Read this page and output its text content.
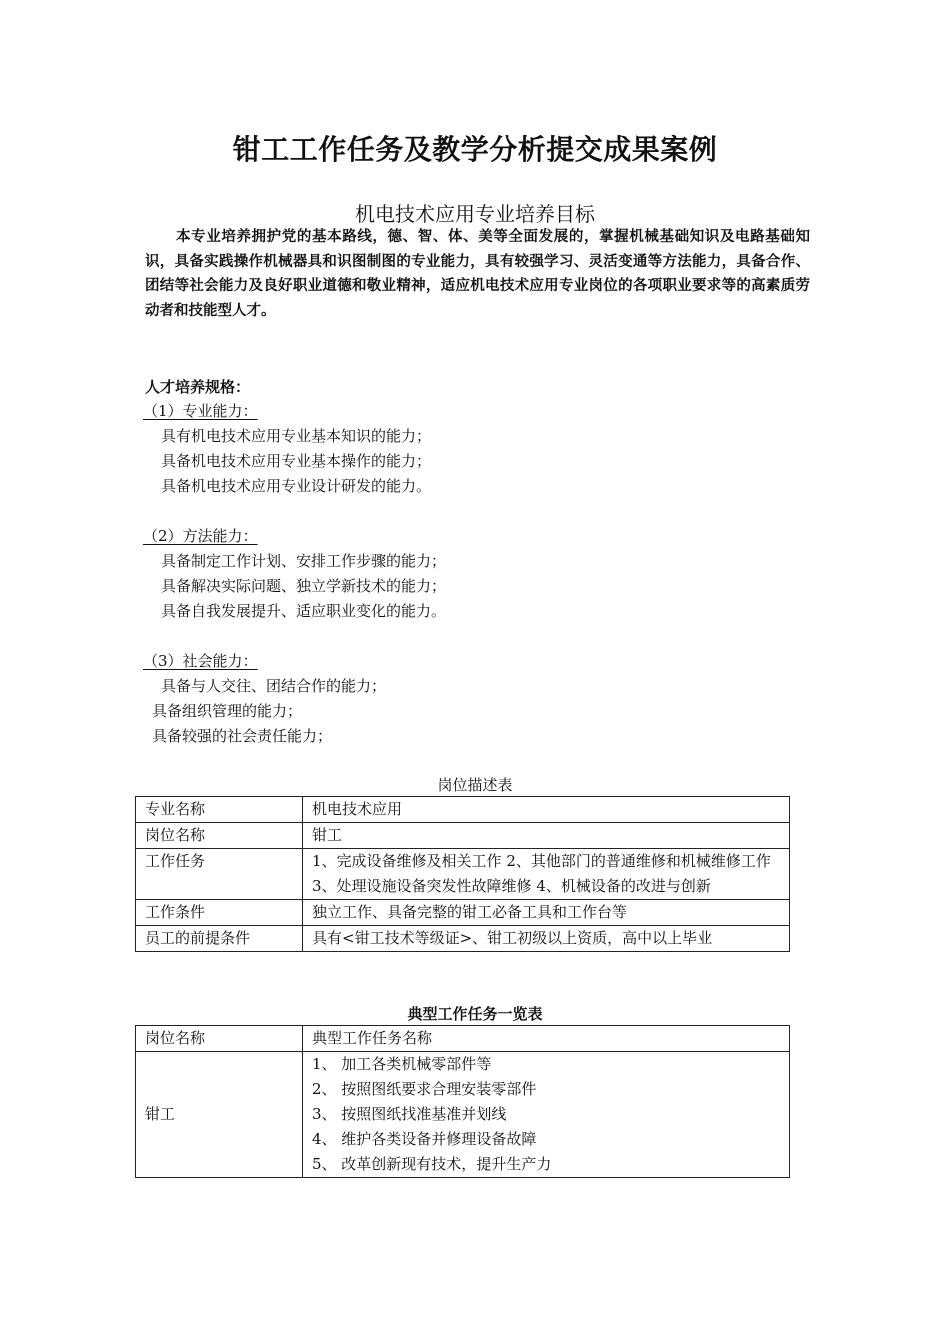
钳工工作任务及教学分析提交成果案例
机电技术应用专业培养目标

本专业培养拥护党的基本路线，德、智、体、美等全面发展的，掌握机械基础知识及电路基础知识，具备实践操作机械器具和识图制图的专业能力，具有较强学习、灵活变通等方法能力，具备合作、团结等社会能力及良好职业道德和敬业精神，适应机电技术应用专业岗位的各项职业要求等的高素质劳动者和技能型人才。

人才培养规格：
（1）专业能力：
具有机电技术应用专业基本知识的能力；
具备机电技术应用专业基本操作的能力；
具备机电技术应用专业设计研发的能力。
（2）方法能力：
具备制定工作计划、安排工作步骤的能力；
具备解决实际问题、独立学新技术的能力；
具备自我发展提升、适应职业变化的能力。
（3）社会能力：
具备与人交往、团结合作的能力；
具备组织管理的能力；
具备较强的社会责任能力；
岗位描述表
专业名称	机电技术应用
岗位名称	钳工
工作任务	1、完成设备维修及相关工作 2、其他部门的普通维修和机械维修工作 3、处理设施设备突发性故障维修 4、机械设备的改进与创新
工作条件	独立工作、具备完整的钳工必备工具和工作台等
员工的前提条件	具有<钳工技术等级证>、钳工初级以上资质，高中以上毕业
典型工作任务一览表
岗位名称	典型工作任务名称
钳工	1、 加工各类机械零部件等
2、 按照图纸要求合理安装零部件
3、 按照图纸找准基准并划线
4、 维护各类设备并修理设备故障
5、 改革创新现有技术，提升生产力
